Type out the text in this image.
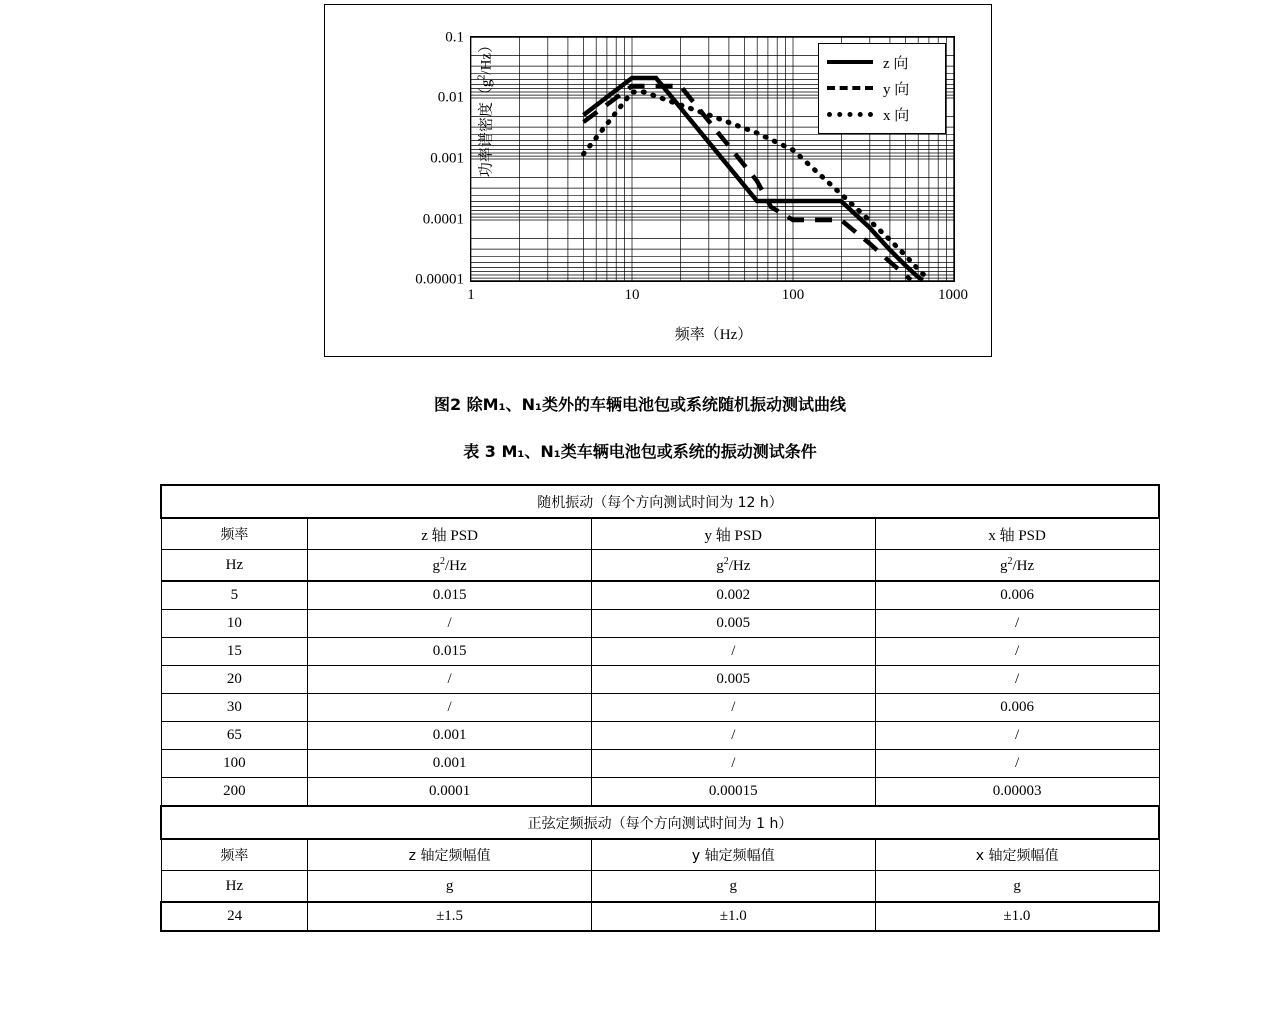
0.1
0.01
0.001
0.0001
0.00001
1	10	100	1000
功率谱密度$(g^2/Hz)$
频率（Hz）
z 向
y 向
x 向
图2 除M₁、N₁类外的车辆电池包或系统随机振动测试曲线
表 3 M₁、N₁类车辆电池包或系统的振动测试条件
随机振动（每个方向测试时间为 12 h）			
频率	z 轴 PSD	y 轴 PSD	x 轴 PSD
Hz	$g^2/Hz$	$g^2/Hz$	$g^2/Hz$
5	0.015	0.002	0.006
10	/	0.005	/
15	0.015	/	/
20	/	0.005	/
30	/	/	0.006
65	0.001	/	/
100	0.001	/	/
200	0.0001	0.00015	0.00003
正弦定频振动（每个方向测试时间为 1 h）			
频率	z 轴定频幅值	y 轴定频幅值	x 轴定频幅值
Hz	g	g	g
24	±1.5	±1.0	±1.0
